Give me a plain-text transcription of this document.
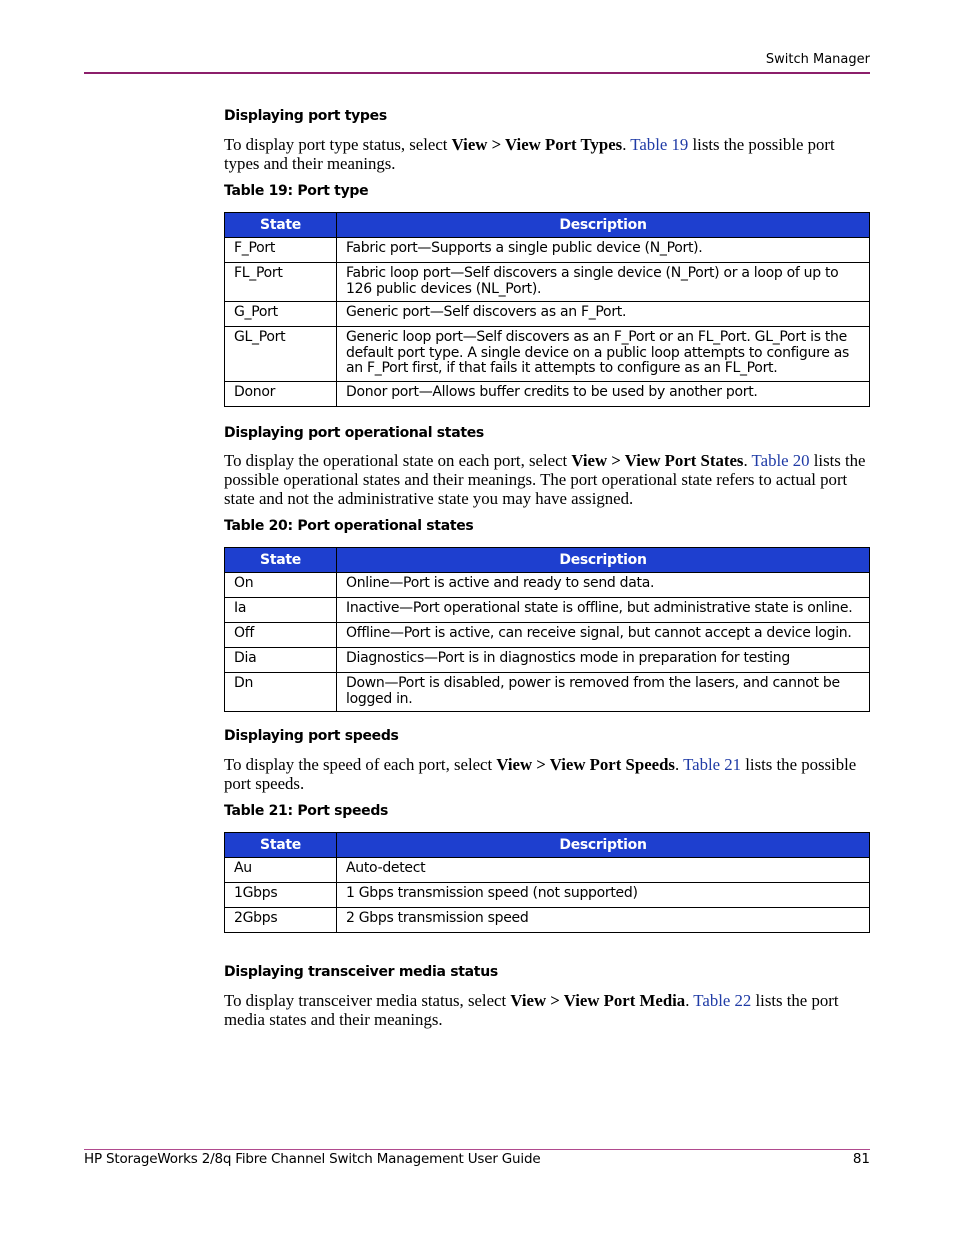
Switch Manager
Displaying port types

To display port type status, select View > View Port Types. Table 19 lists the possible port types and their meanings.

Table 19: Port type
State	Description
F_Port	Fabric port—Supports a single public device (N_Port).
FL_Port	Fabric loop port—Self discovers a single device (N_Port) or a loop of up to 126 public devices (NL_Port).
G_Port	Generic port—Self discovers as an F_Port.
GL_Port	Generic loop port—Self discovers as an F_Port or an FL_Port. GL_Port is the default port type. A single device on a public loop attempts to configure as an F_Port first, if that fails it attempts to configure as an FL_Port.
Donor	Donor port—Allows buffer credits to be used by another port.
Displaying port operational states

To display the operational state on each port, select View > View Port States. Table 20 lists the possible operational states and their meanings. The port operational state refers to actual port state and not the administrative state you may have assigned.

Table 20: Port operational states
State	Description
On	Online—Port is active and ready to send data.
Ia	Inactive—Port operational state is offline, but administrative state is online.
Off	Offline—Port is active, can receive signal, but cannot accept a device login.
Dia	Diagnostics—Port is in diagnostics mode in preparation for testing
Dn	Down—Port is disabled, power is removed from the lasers, and cannot be logged in.
Displaying port speeds

To display the speed of each port, select View > View Port Speeds. Table 21 lists the possible port speeds.

Table 21: Port speeds
State	Description
Au	Auto-detect
1Gbps	1 Gbps transmission speed (not supported)
2Gbps	2 Gbps transmission speed
Displaying transceiver media status

To display transceiver media status, select View > View Port Media. Table 22 lists the port media states and their meanings.

HP StorageWorks 2/8q Fibre Channel Switch Management User Guide	81
